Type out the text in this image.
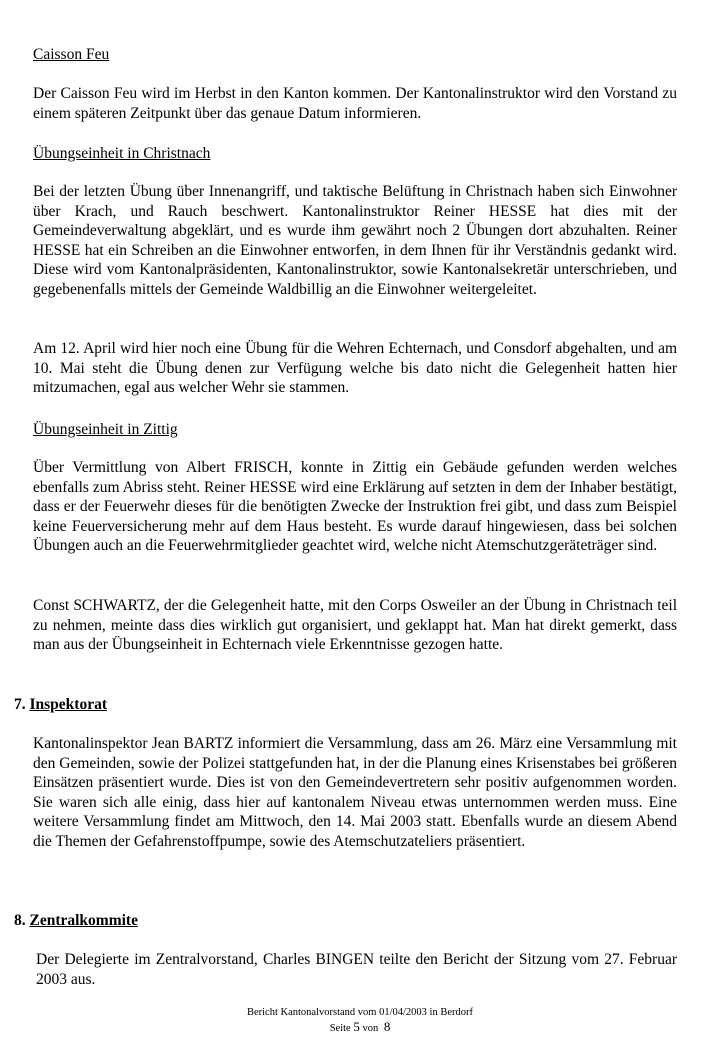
Caisson Feu

Der Caisson Feu wird im Herbst in den Kanton kommen. Der Kantonalinstruktor wird den Vorstand zu einem späteren Zeitpunkt über das genaue Datum informieren.

Übungseinheit in Christnach

Bei der letzten Übung über Innenangriff, und taktische Belüftung in Christnach haben sich Einwohner über Krach, und Rauch beschwert. Kantonalinstruktor Reiner HESSE hat dies mit der Gemeindeverwaltung abgeklärt, und es wurde ihm gewährt noch 2 Übungen dort abzuhalten. Reiner HESSE hat ein Schreiben an die Einwohner entworfen, in dem Ihnen für ihr Verständnis gedankt wird. Diese wird vom Kantonalpräsidenten, Kantonalinstruktor, sowie Kantonalsekretär unterschrieben, und gegebenenfalls mittels der Gemeinde Waldbillig an die Einwohner weitergeleitet.

Am 12. April wird hier noch eine Übung für die Wehren Echternach, und Consdorf abgehalten, und am 10. Mai steht die Übung denen zur Verfügung welche bis dato nicht die Gelegenheit hatten hier mitzumachen, egal aus welcher Wehr sie stammen.

Übungseinheit in Zittig

Über Vermittlung von Albert FRISCH, konnte in Zittig ein Gebäude gefunden werden welches ebenfalls zum Abriss steht. Reiner HESSE wird eine Erklärung auf setzten in dem der Inhaber bestätigt, dass er der Feuerwehr dieses für die benötigten Zwecke der Instruktion frei gibt, und dass zum Beispiel keine Feuerversicherung mehr auf dem Haus besteht. Es wurde darauf hingewiesen, dass bei solchen Übungen auch an die Feuerwehrmitglieder geachtet wird, welche nicht Atemschutzgeräteträger sind.

Const SCHWARTZ, der die Gelegenheit hatte, mit den Corps Osweiler an der Übung in Christnach teil zu nehmen, meinte dass dies wirklich gut organisiert, und geklappt hat. Man hat direkt gemerkt, dass man aus der Übungseinheit in Echternach viele Erkenntnisse gezogen hatte.

7. Inspektorat

Kantonalinspektor Jean BARTZ informiert die Versammlung, dass am 26. März eine Versammlung mit den Gemeinden, sowie der Polizei stattgefunden hat, in der die Planung eines Krisenstabes bei größeren Einsätzen präsentiert wurde. Dies ist von den Gemeindevertretern sehr positiv aufgenommen worden. Sie waren sich alle einig, dass hier auf kantonalem Niveau etwas unternommen werden muss. Eine weitere Versammlung findet am Mittwoch, den 14. Mai 2003 statt. Ebenfalls wurde an diesem Abend die Themen der Gefahrenstoffpumpe, sowie des Atemschutzateliers präsentiert.

8. Zentralkommite

Der Delegierte im Zentralvorstand, Charles BINGEN teilte den Bericht der Sitzung vom 27. Februar 2003 aus.

Bericht Kantonalvorstand vom 01/04/2003 in Berdorf
Seite 5 von 8
